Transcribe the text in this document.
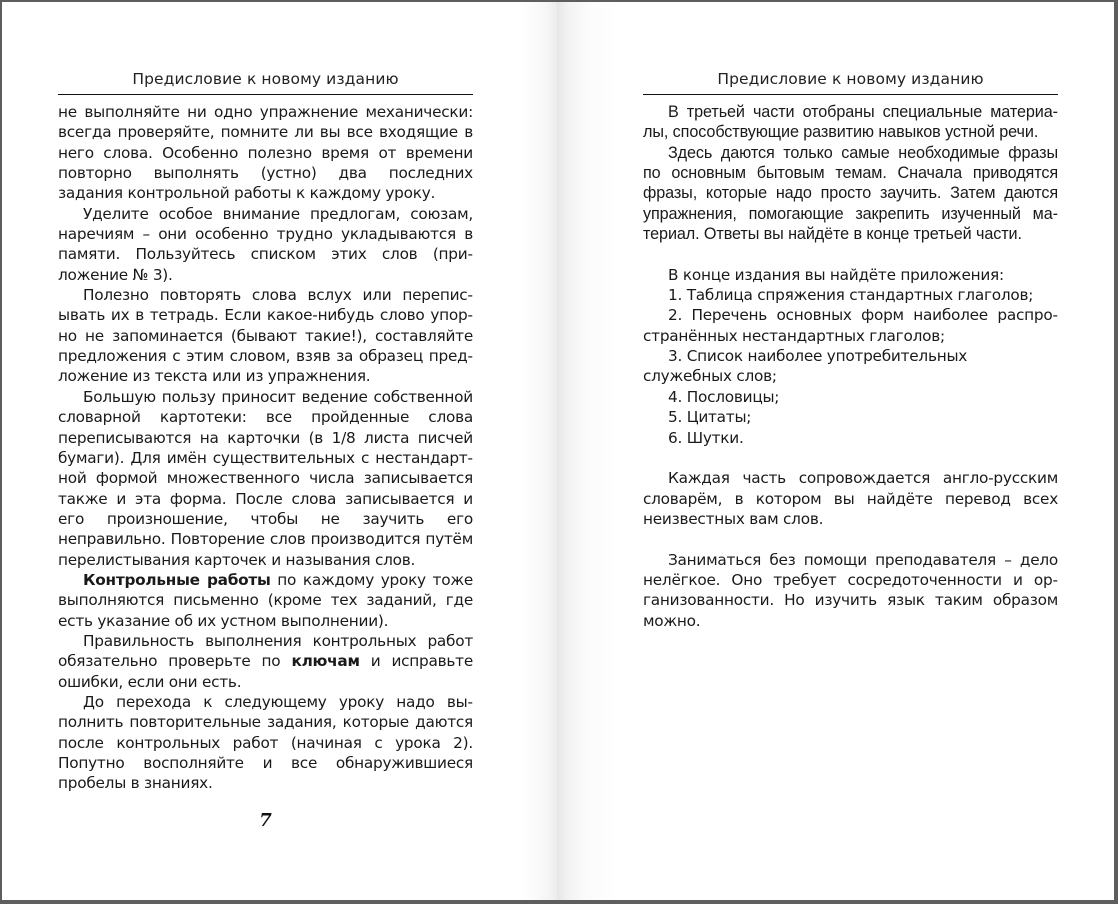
Предисловие к новому изданию

не выполняйте ни одно упражнение механически: всегда проверяйте, помните ли вы все входящие в него слова. Особенно полезно время от времени повторно выполнять (устно) два последних задания контрольной работы к каждому уроку.

Уделите особое внимание предлогам, союзам, наречиям – они особенно трудно укладываются в памяти. Пользуйтесь списком этих слов (приложение № 3).

Полезно повторять слова вслух или переписывать их в тетрадь. Если какое-нибудь слово упорно не запоминается (бывают такие!), составляйте предложения с этим словом, взяв за образец предложение из текста или из упражнения.

Большую пользу приносит ведение собственной словарной картотеки: все пройденные слова переписываются на карточки (в 1/8 листа писчей бумаги). Для имён существительных с нестандартной формой множественного числа записывается также и эта форма. После слова записывается и его произношение, чтобы не заучить его неправильно. Повторение слов производится путём перелистывания карточек и называния слов.

Контрольные работы по каждому уроку тоже выполняются письменно (кроме тех заданий, где есть указание об их устном выполнении).

Правильность выполнения контрольных работ обязательно проверьте по ключам и исправьте ошибки, если они есть.

До перехода к следующему уроку надо выполнить повторительные задания, которые даются после контрольных работ (начиная с урока 2). Попутно восполняйте и все обнаружившиеся пробелы в знаниях.

7
Предисловие к новому изданию

В третьей части отобраны специальные материалы, способствующие развитию навыков устной речи.

Здесь даются только самые необходимые фразы по основным бытовым темам. Сначала приводятся фразы, которые надо просто заучить. Затем даются упражнения, помогающие закрепить изученный материал. Ответы вы найдёте в конце третьей части.

В конце издания вы найдёте приложения:

1. Таблица спряжения стандартных глаголов;

2. Перечень основных форм наиболее распространённых нестандартных глаголов;

3. Список наиболее употребительных служебных слов;

4. Пословицы;

5. Цитаты;

6. Шутки.

Каждая часть сопровождается англо-русским словарём, в котором вы найдёте перевод всех неизвестных вам слов.

Заниматься без помощи преподавателя – дело нелёгкое. Оно требует сосредоточенности и организованности. Но изучить язык таким образом можно.
